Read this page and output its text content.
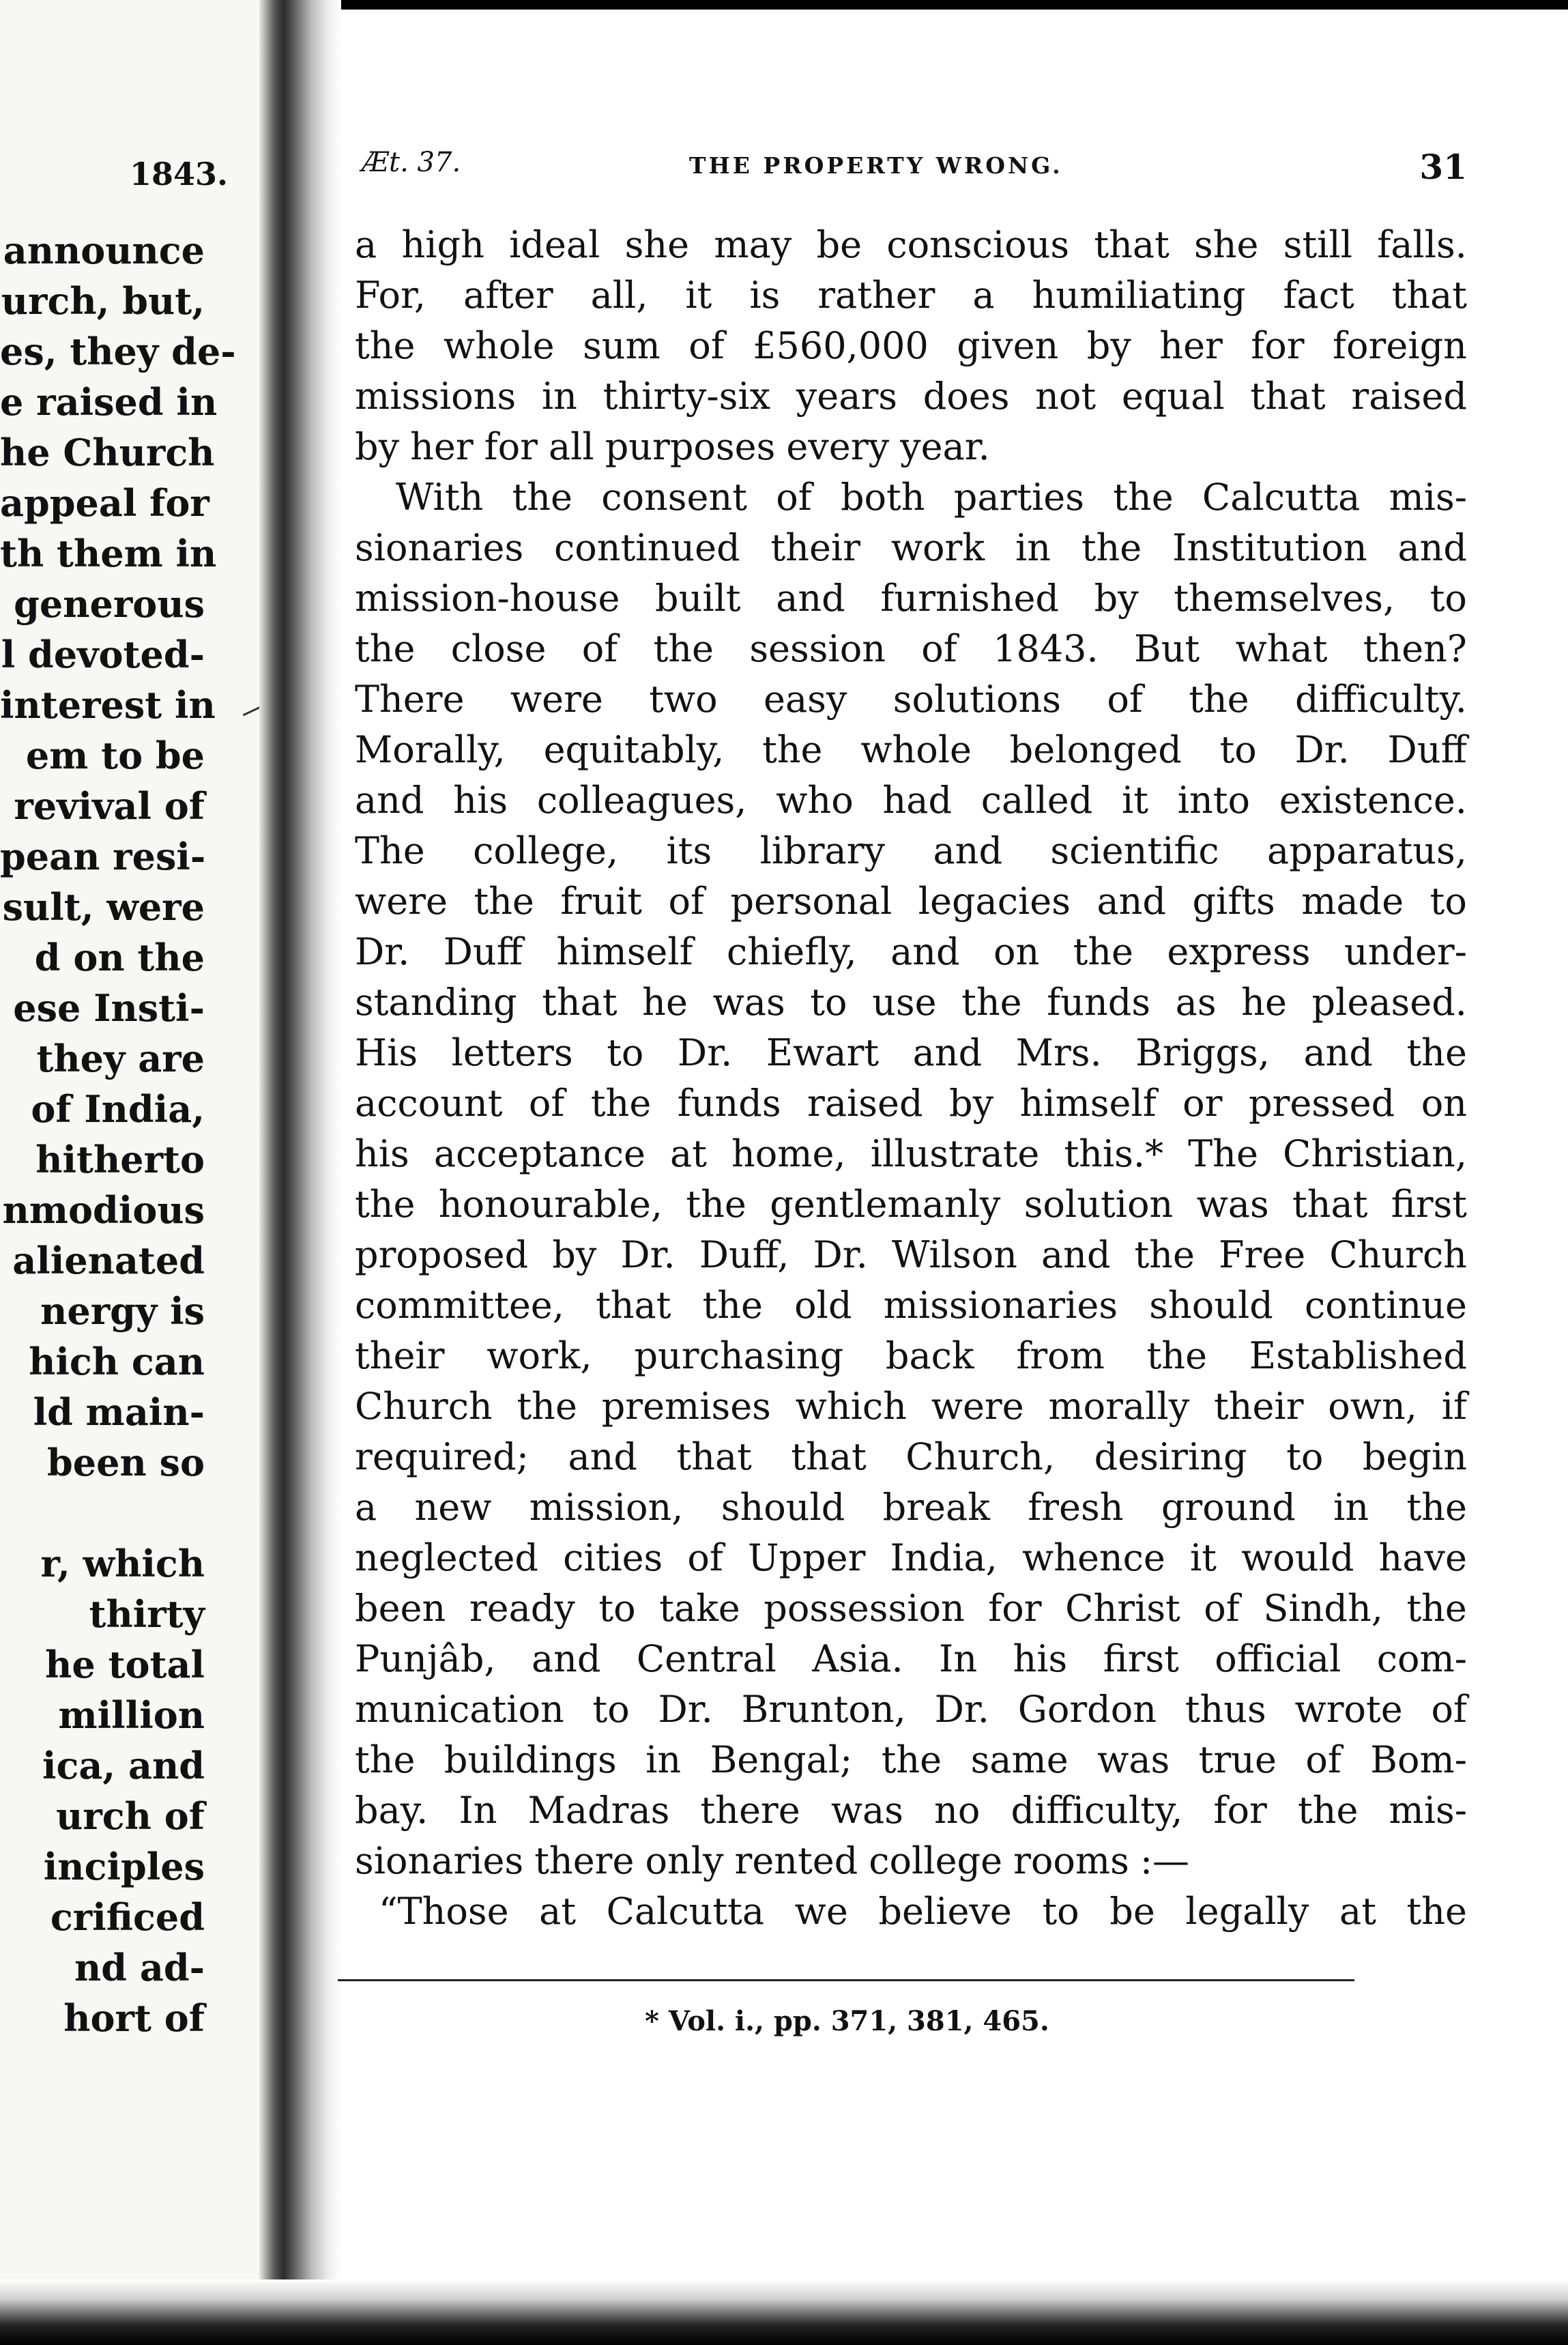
1843.
announce
urch, but,
es, they de-
e raised in
he Church
appeal for
th them in
generous
l devoted-
interest in
em to be
revival of
pean resi-
sult, were
d on the
ese Insti-
they are
of India,
hitherto
nmodious
alienated
nergy is
hich can
ld main-
been so
r, which
thirty
he total
million
ica, and
urch of
inciples
crificed
nd ad-
hort of
Æt. 37.	THE PROPERTY WRONG.	31
a high ideal she may be conscious that she still falls.
For, after all, it is rather a humiliating fact that
the whole sum of £560,000 given by her for foreign
missions in thirty-six years does not equal that raised
by her for all purposes every year.
With the consent of both parties the Calcutta mis-
sionaries continued their work in the Institution and
mission-house built and furnished by themselves, to
the close of the session of 1843. But what then?
There were two easy solutions of the difficulty.
Morally, equitably, the whole belonged to Dr. Duff
and his colleagues, who had called it into existence.
The college, its library and scientific apparatus,
were the fruit of personal legacies and gifts made to
Dr. Duff himself chiefly, and on the express under-
standing that he was to use the funds as he pleased.
His letters to Dr. Ewart and Mrs. Briggs, and the
account of the funds raised by himself or pressed on
his acceptance at home, illustrate this.* The Christian,
the honourable, the gentlemanly solution was that first
proposed by Dr. Duff, Dr. Wilson and the Free Church
committee, that the old missionaries should continue
their work, purchasing back from the Established
Church the premises which were morally their own, if
required; and that that Church, desiring to begin
a new mission, should break fresh ground in the
neglected cities of Upper India, whence it would have
been ready to take possession for Christ of Sindh, the
Punjâb, and Central Asia. In his first official com-
munication to Dr. Brunton, Dr. Gordon thus wrote of
the buildings in Bengal; the same was true of Bom-
bay. In Madras there was no difficulty, for the mis-
sionaries there only rented college rooms :—
“Those at Calcutta we believe to be legally at the
* Vol. i., pp. 371, 381, 465.
